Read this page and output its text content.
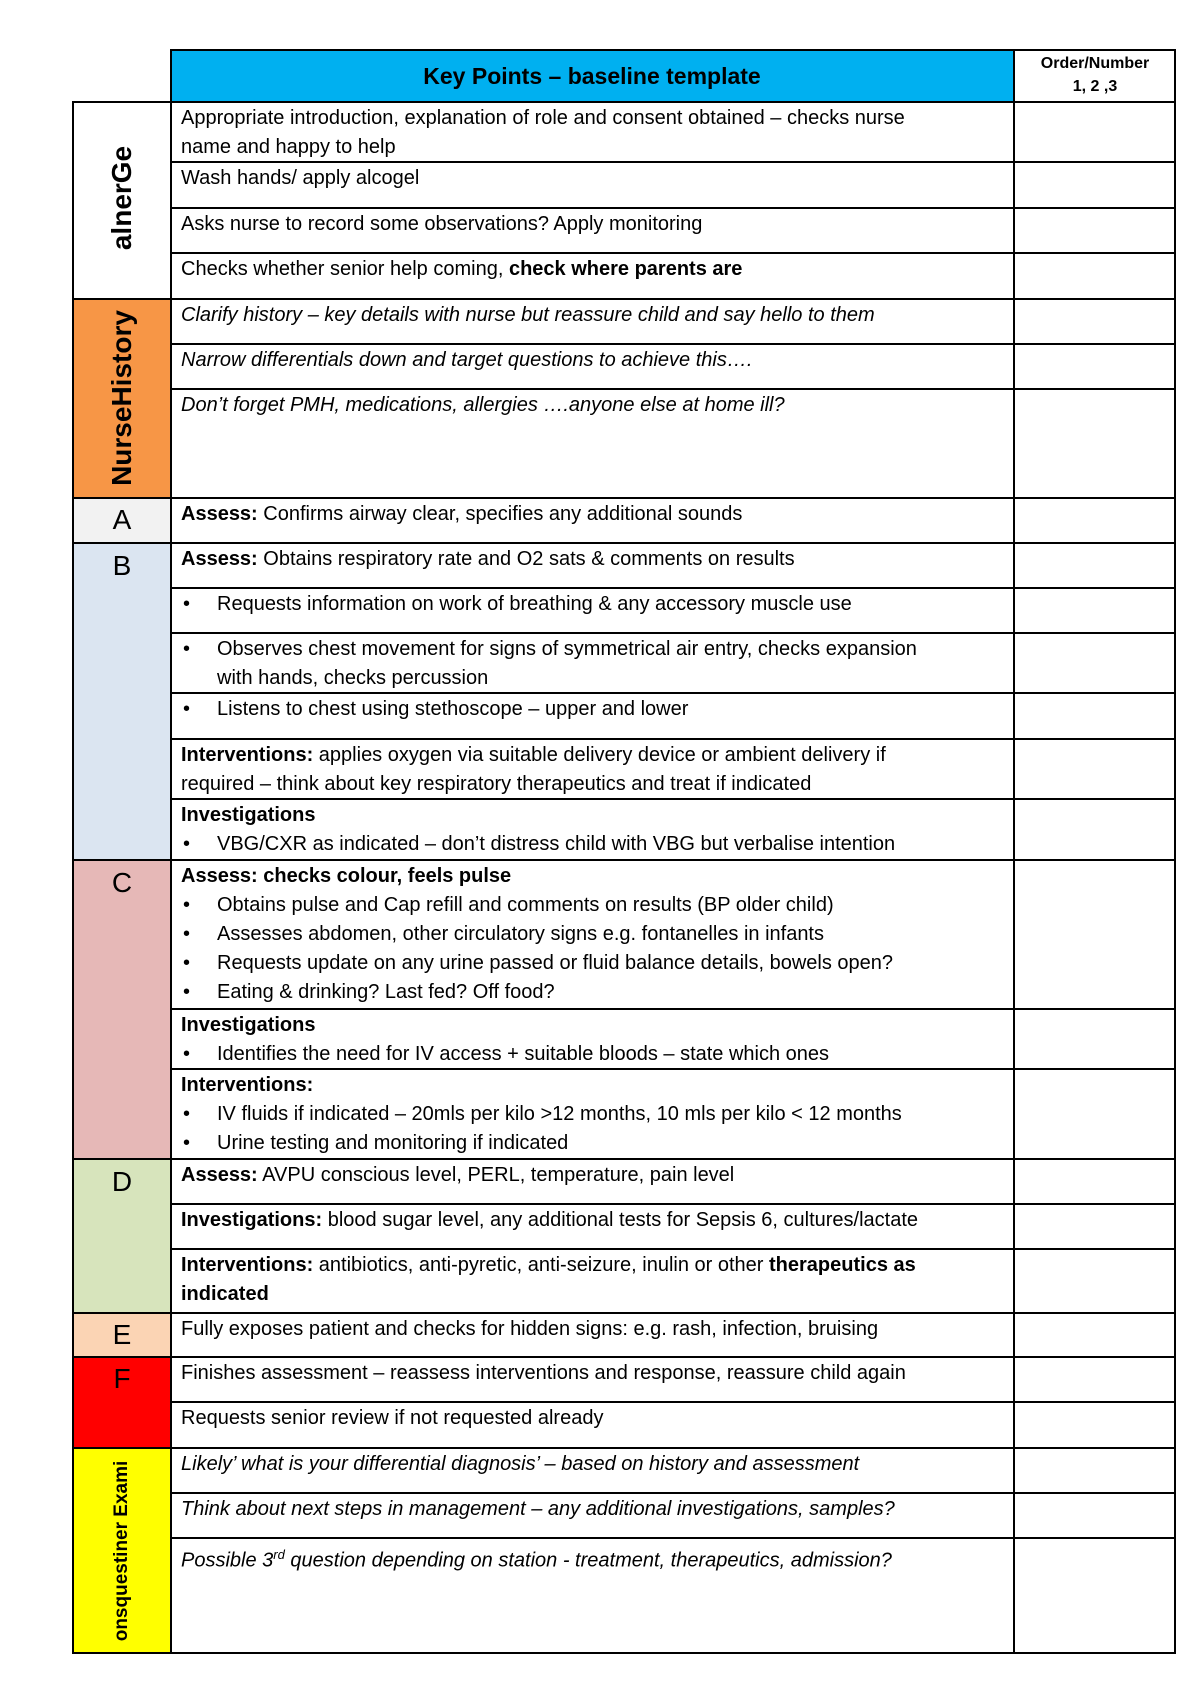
Key Points – baseline template	Order/Number
1, 2 ,3
alnerGe
NurseHistory
A
B
C
D
E
F
onsquestiner Exami
Appropriate introduction, explanation of role and consent obtained – checks nurse
name and happy to help
Wash hands/ apply alcogel
Asks nurse to record some observations? Apply monitoring
Checks whether senior help coming, check where parents are
Clarify history – key details with nurse but reassure child and say hello to them
Narrow differentials down and target questions to achieve this….
Don’t forget PMH, medications, allergies ….anyone else at home ill?
Assess: Confirms airway clear, specifies any additional sounds
Assess: Obtains respiratory rate and O2 sats & comments on results
• Requests information on work of breathing & any accessory muscle use
• Observes chest movement for signs of symmetrical air entry, checks expansion
with hands, checks percussion
• Listens to chest using stethoscope – upper and lower
Interventions: applies oxygen via suitable delivery device or ambient delivery if
required – think about key respiratory therapeutics and treat if indicated
Investigations
• VBG/CXR as indicated – don’t distress child with VBG but verbalise intention
Assess: checks colour, feels pulse
• Obtains pulse and Cap refill and comments on results (BP older child)
• Assesses abdomen, other circulatory signs e.g. fontanelles in infants
• Requests update on any urine passed or fluid balance details, bowels open?
• Eating & drinking? Last fed? Off food?
Investigations
• Identifies the need for IV access + suitable bloods – state which ones
Interventions:
• IV fluids if indicated – 20mls per kilo >12 months, 10 mls per kilo < 12 months
• Urine testing and monitoring if indicated
Assess: AVPU conscious level, PERL, temperature, pain level
Investigations: blood sugar level, any additional tests for Sepsis 6, cultures/lactate
Interventions: antibiotics, anti-pyretic, anti-seizure, inulin or other therapeutics as
indicated
Fully exposes patient and checks for hidden signs: e.g. rash, infection, bruising
Finishes assessment – reassess interventions and response, reassure child again
Requests senior review if not requested already
Likely’ what is your differential diagnosis’ – based on history and assessment
Think about next steps in management – any additional investigations, samples?
Possible 3rd question depending on station - treatment, therapeutics, admission?
